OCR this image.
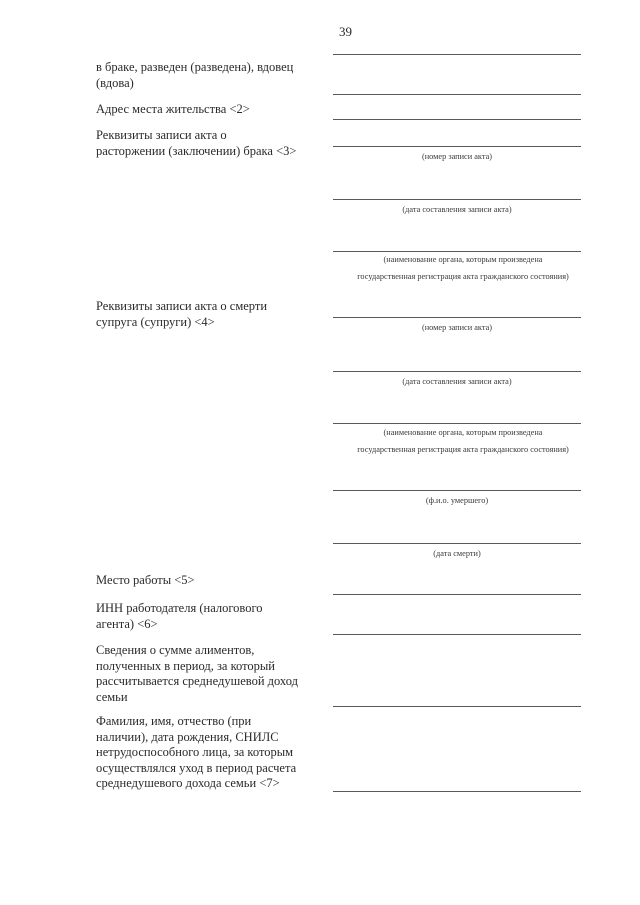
39
в браке, разведен (разведена), вдовец
(вдова)
Адрес места жительства <2>
Реквизиты записи акта о
расторжении (заключении) брака <3>
Реквизиты записи акта о смерти
супруга (супруги) <4>
Место работы <5>
ИНН работодателя (налогового
агента) <6>
Сведения о сумме алиментов,
полученных в период, за который
рассчитывается среднедушевой доход
семьи
Фамилия, имя, отчество (при
наличии), дата рождения, СНИЛС
нетрудоспособного лица, за которым
осуществлялся уход в период расчета
среднедушевого дохода семьи <7>
(номер записи акта)
(дата составления записи акта)
(наименование органа, которым произведена
государственная регистрация акта гражданского состояния)
(номер записи акта)
(дата составления записи акта)
(наименование органа, которым произведена
государственная регистрация акта гражданского состояния)
(ф.и.о. умершего)
(дата смерти)
